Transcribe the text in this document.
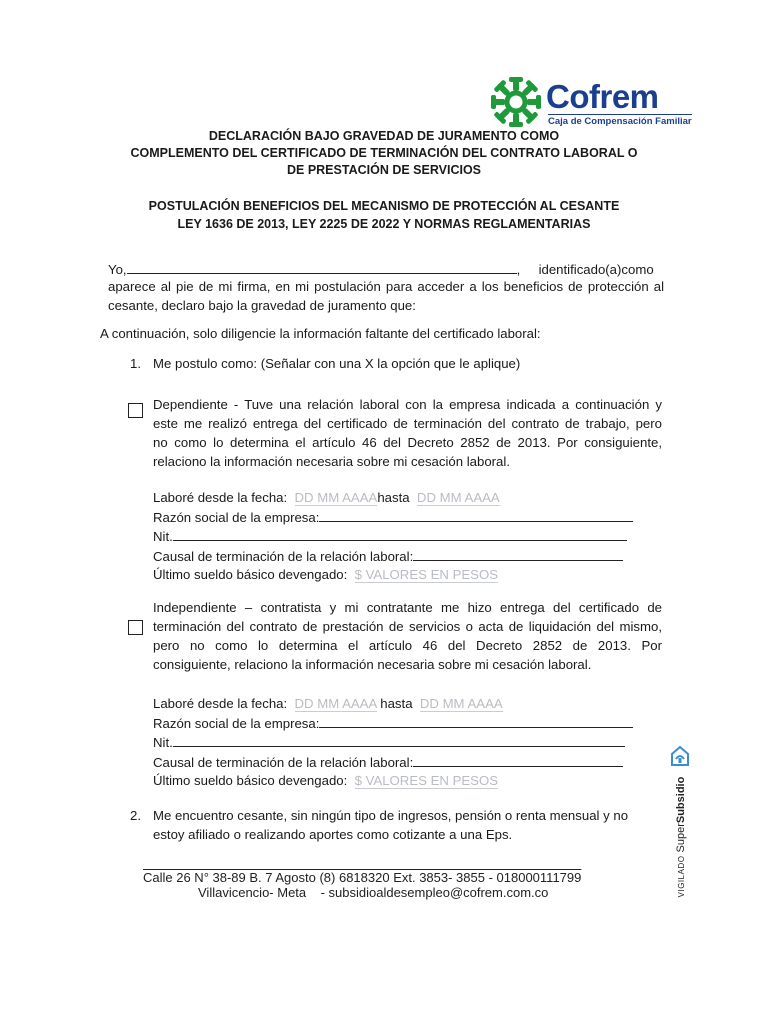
Cofrem
Caja de Compensación Familiar
DECLARACIÓN BAJO GRAVEDAD DE JURAMENTO COMO
COMPLEMENTO DEL CERTIFICADO DE TERMINACIÓN DEL CONTRATO LABORAL O
DE PRESTACIÓN DE SERVICIOS
POSTULACIÓN BENEFICIOS DEL MECANISMO DE PROTECCIÓN AL CESANTE
LEY 1636 DE 2013, LEY 2225 DE 2022 Y NORMAS REGLAMENTARIAS
Yo,	,     identificado(a)como
aparece al pie de mi firma, en mi postulación para acceder a los beneficios de protección al
cesante, declaro bajo la gravedad de juramento que:
A continuación, solo diligencie la información faltante del certificado laboral:
1. Me postulo como: (Señalar con una X la opción que le aplique)
Dependiente - Tuve una relación laboral con la empresa indicada a continuación y
este me realizó entrega del certificado de terminación del contrato de trabajo, pero
no como lo determina el artículo 46 del Decreto 2852 de 2013. Por consiguiente,
relaciono la información necesaria sobre mi cesación laboral.
Laboré desde la fecha: DD MM AAAAhasta DD MM AAAA
Razón social de la empresa:
Nit.
Causal de terminación de la relación laboral:
Último sueldo básico devengado: $ VALORES EN PESOS
Independiente – contratista y mi contratante me hizo entrega del certificado de
terminación del contrato de prestación de servicios o acta de liquidación del mismo,
pero no como lo determina el artículo 46 del Decreto 2852 de 2013. Por
consiguiente, relaciono la información necesaria sobre mi cesación laboral.
Laboré desde la fecha: DD MM AAAA hasta DD MM AAAA
Razón social de la empresa:
Nit.
Causal de terminación de la relación laboral:
Último sueldo básico devengado: $ VALORES EN PESOS
2. Me encuentro cesante, sin ningún tipo de ingresos, pensión o renta mensual y no
estoy afiliado o realizando aportes como cotizante a una Eps.
Calle 26 N° 38-89 B. 7 Agosto (8) 6818320 Ext. 3853- 3855 - 018000111799
Villavicencio- Meta    - subsidioaldesempleo@cofrem.com.co	VIGILADO SuperSubsidio
